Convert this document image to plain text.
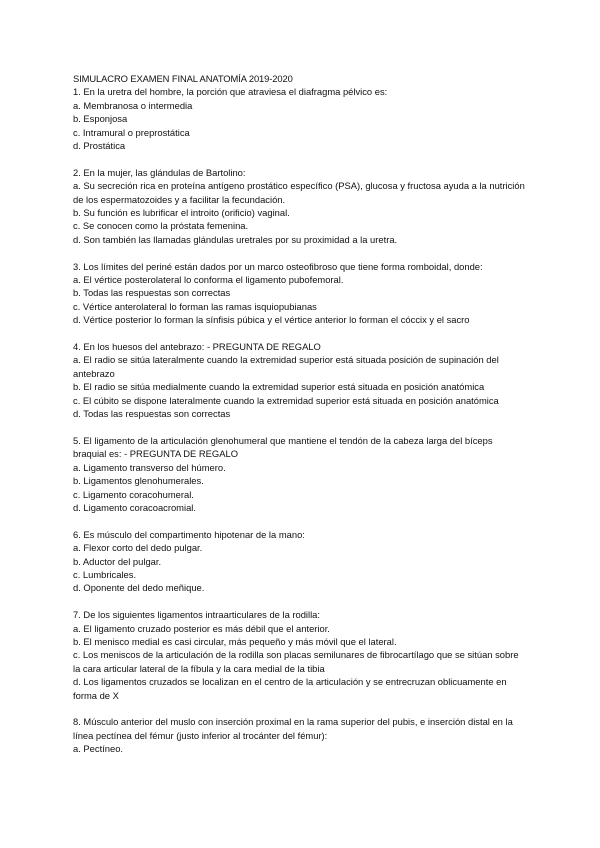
SIMULACRO EXAMEN FINAL ANATOMÍA 2019-2020

1. En la uretra del hombre, la porción que atraviesa el diafragma pélvico es:

a. Membranosa o intermedia

b. Esponjosa

c. Intramural o preprostática

d. Prostática

2. En la mujer, las glándulas de Bartolino:

a. Su secreción rica en proteína antígeno prostático específico (PSA), glucosa y fructosa ayuda a la nutrición de los espermatozoides y a facilitar la fecundación.

b. Su función es lubrificar el introito (orificio) vaginal.

c. Se conocen como la próstata femenina.

d. Son también las llamadas glándulas uretrales por su proximidad a la uretra.

3. Los límites del periné están dados por un marco osteofibroso que tiene forma romboidal, donde:

a. El vértice posterolateral lo conforma el ligamento pubofemoral.

b. Todas las respuestas son correctas

c. Vértice anterolateral lo forman las ramas isquiopubianas

d. Vértice posterior lo forman la sínfisis púbica y el vértice anterior lo forman el cóccix y el sacro

4. En los huesos del antebrazo: - PREGUNTA DE REGALO

a. El radio se sitúa lateralmente cuando la extremidad superior está situada posición de supinación del antebrazo

b. El radio se sitúa medialmente cuando la extremidad superior está situada en posición anatómica

c. El cúbito se dispone lateralmente cuando la extremidad superior está situada en posición anatómica

d. Todas las respuestas son correctas

5. El ligamento de la articulación glenohumeral que mantiene el tendón de la cabeza larga del bíceps braquial es: - PREGUNTA DE REGALO

a. Ligamento transverso del húmero.

b. Ligamentos glenohumerales.

c. Ligamento coracohumeral.

d. Ligamento coracoacromial.

6. Es músculo del compartimento hipotenar de la mano:

a. Flexor corto del dedo pulgar.

b. Aductor del pulgar.

c. Lumbricales.

d. Oponente del dedo meñique.

7. De los siguientes ligamentos intraarticulares de la rodilla:

a. El ligamento cruzado posterior es más débil que el anterior.

b. El menisco medial es casi circular, más pequeño y más móvil que el lateral.

c. Los meniscos de la articulación de la rodilla son placas semilunares de fibrocartílago que se sitúan sobre la cara articular lateral de la fíbula y la cara medial de la tibia

d. Los ligamentos cruzados se localizan en el centro de la articulación y se entrecruzan oblicuamente en forma de X

8. Músculo anterior del muslo con inserción proximal en la rama superior del pubis, e inserción distal en la línea pectínea del fémur (justo inferior al trocánter del fémur):

a. Pectíneo.
